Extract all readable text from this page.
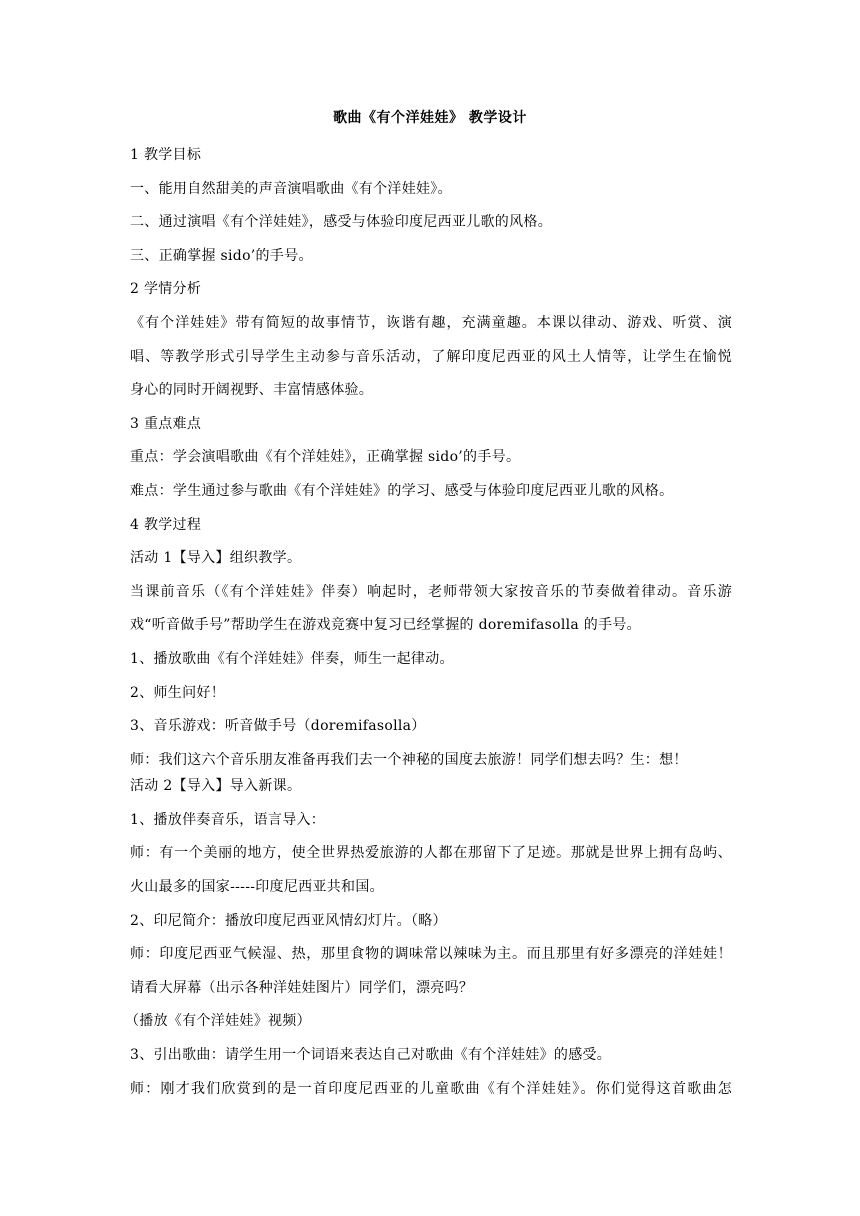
歌曲《有个洋娃娃》 教学设计
1 教学目标
一、能用自然甜美的声音演唱歌曲《有个洋娃娃》。
二、通过演唱《有个洋娃娃》，感受与体验印度尼西亚儿歌的风格。
三、正确掌握 sido’的手号。
2 学情分析
《有个洋娃娃》带有简短的故事情节，诙谐有趣，充满童趣。本课以律动、游戏、听赏、演
唱、等教学形式引导学生主动参与音乐活动，了解印度尼西亚的风土人情等，让学生在愉悦
身心的同时开阔视野、丰富情感体验。
3 重点难点
重点：学会演唱歌曲《有个洋娃娃》，正确掌握 sido’的手号。
难点：学生通过参与歌曲《有个洋娃娃》的学习、感受与体验印度尼西亚儿歌的风格。
4 教学过程
活动 1【导入】组织教学。
当课前音乐（《有个洋娃娃》伴奏）响起时，老师带领大家按音乐的节奏做着律动。音乐游
戏“听音做手号”帮助学生在游戏竞赛中复习已经掌握的 doremifasolla 的手号。
1、播放歌曲《有个洋娃娃》伴奏，师生一起律动。
2、师生问好！
3、音乐游戏：听音做手号（doremifasolla）
师：我们这六个音乐朋友准备再我们去一个神秘的国度去旅游！同学们想去吗？生：想！
活动 2【导入】导入新课。
1、播放伴奏音乐，语言导入：
师：有一个美丽的地方，使全世界热爱旅游的人都在那留下了足迹。那就是世界上拥有岛屿、
火山最多的国家-----印度尼西亚共和国。
2、印尼简介：播放印度尼西亚风情幻灯片。（略）
师：印度尼西亚气候湿、热，那里食物的调味常以辣味为主。而且那里有好多漂亮的洋娃娃！
请看大屏幕（出示各种洋娃娃图片）同学们，漂亮吗？
（播放《有个洋娃娃》视频）
3、引出歌曲：请学生用一个词语来表达自己对歌曲《有个洋娃娃》的感受。
师：刚才我们欣赏到的是一首印度尼西亚的儿童歌曲《有个洋娃娃》。你们觉得这首歌曲怎
